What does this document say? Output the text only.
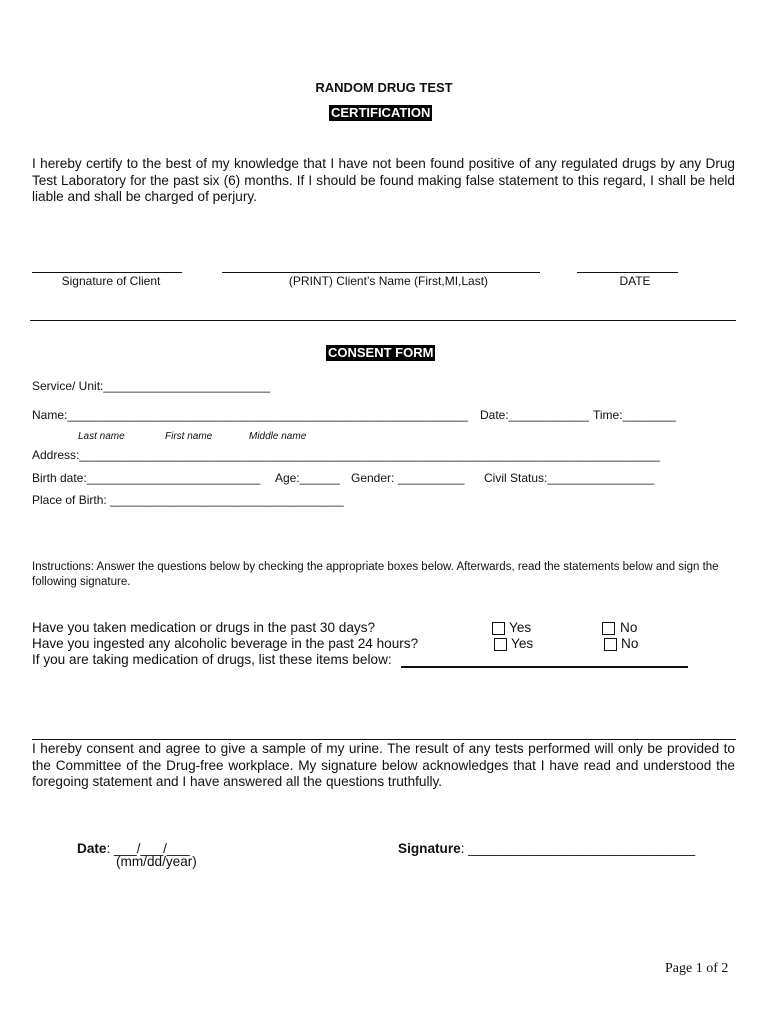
RANDOM DRUG TEST
CERTIFICATION
I hereby certify to the best of my knowledge that I have not been found positive of any regulated drugs by any Drug Test Laboratory for the past six (6) months. If I should be found making false statement to this regard, I shall be held liable and shall be charged of perjury.
Signature of Client	(PRINT) Client’s Name (First,MI,Last)	DATE
CONSENT FORM
Service/ Unit:_________________________
Name:____________________________________________________________ Date:____________ Time:________
Last name	First name	Middle name
Address:_______________________________________________________________________________________
Birth date:__________________________ Age:______ Gender: __________ Civil Status:________________
Place of Birth: ___________________________________
Instructions: Answer the questions below by checking the appropriate boxes below. Afterwards, read the statements below and sign the following signature.
Have you taken medication or drugs in the past 30 days?	Yes	No
Have you ingested any alcoholic beverage in the past 24 hours?	Yes	No
If you are taking medication of drugs, list these items below:
I hereby consent and agree to give a sample of my urine. The result of any tests performed will only be provided to the Committee of the Drug-free workplace. My signature below acknowledges that I have read and understood the foregoing statement and I have answered all the questions truthfully.
Date: ___/___/___
(mm/dd/year)
Signature: ______________________________
Page 1 of 2
